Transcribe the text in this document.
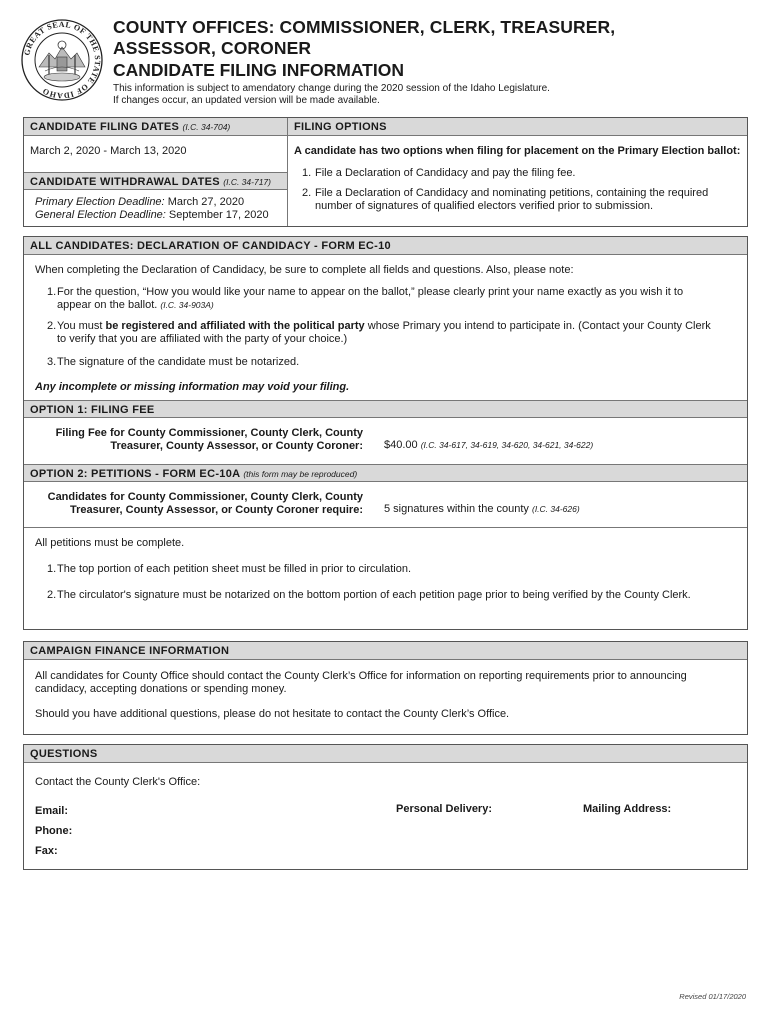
GREAT SEAL OF THE STATE OF IDAHO
COUNTY OFFICES: COMMISSIONER, CLERK, TREASURER,
ASSESSOR, CORONER
CANDIDATE FILING INFORMATION
This information is subject to amendatory change during the 2020 session of the Idaho Legislature.
If changes occur, an updated version will be made available.
CANDIDATE FILING DATES (I.C. 34-704)

March 2, 2020 - March 13, 2020

CANDIDATE WITHDRAWAL DATES (I.C. 34-717)

Primary Election Deadline: March 27, 2020

General Election Deadline: September 17, 2020

FILING OPTIONS

A candidate has two options when filing for placement on the Primary Election ballot:

1. File a Declaration of Candidacy and pay the filing fee.
2. File a Declaration of Candidacy and nominating petitions, containing the required
number of signatures of qualified electors verified prior to submission.
ALL CANDIDATES: DECLARATION OF CANDIDACY - FORM EC-10

When completing the Declaration of Candidacy, be sure to complete all fields and questions. Also, please note:

1. For the question, “How you would like your name to appear on the ballot,” please clearly print your name exactly as you wish it to
appear on the ballot. (I.C. 34-903A)
2. You must be registered and affiliated with the political party whose Primary you intend to participate in. (Contact your County Clerk
to verify that you are affiliated with the party of your choice.)
3. The signature of the candidate must be notarized.

Any incomplete or missing information may void your filing.

OPTION 1: FILING FEE
Filing Fee for County Commissioner, County Clerk, County
Treasurer, County Assessor, or County Coroner: $40.00
(I.C. 34-617, 34-619, 34-620, 34-621, 34-622)
OPTION 2: PETITIONS - FORM EC-10A (this form may be reproduced)
Candidates for County Commissioner, County Clerk, County
Treasurer, County Assessor, or County Coroner require: 5 signatures within the county
(I.C. 34-626)

All petitions must be complete.

1. The top portion of each petition sheet must be filled in prior to circulation.
2. The circulator's signature must be notarized on the bottom portion of each petition page prior to being verified by the County Clerk.
CAMPAIGN FINANCE INFORMATION

All candidates for County Office should contact the County Clerk’s Office for information on reporting requirements prior to announcing
candidacy, accepting donations or spending money.

Should you have additional questions, please do not hesitate to contact the County Clerk’s Office.

QUESTIONS

Contact the County Clerk's Office:

Email:
Phone:
Fax:
Personal Delivery:	Mailing Address:
Revised 01/17/2020
